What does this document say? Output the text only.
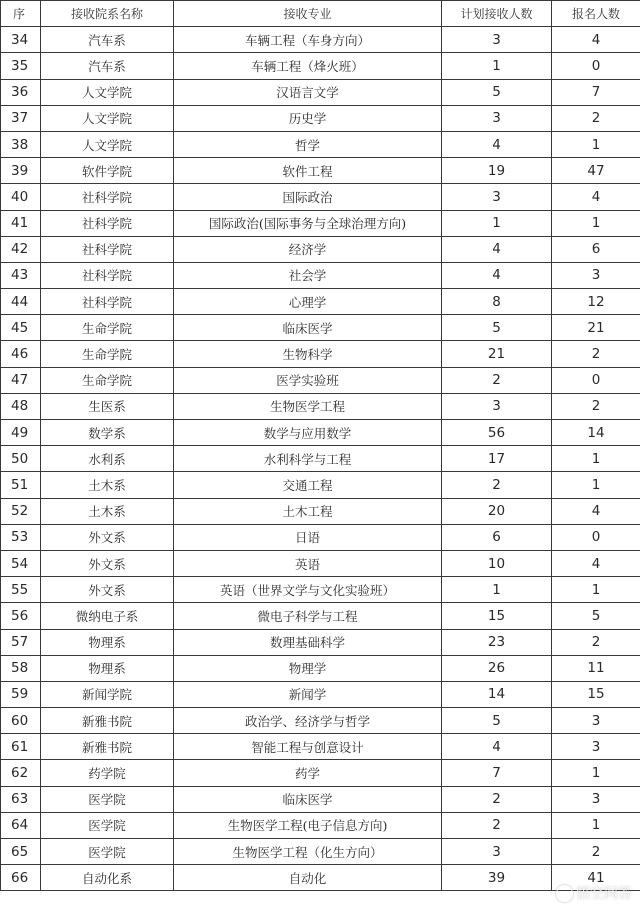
序	接收院系名称	接收专业	计划接收人数	报名人数
34	汽车系	车辆工程（车身方向）	3	4
35	汽车系	车辆工程（烽火班）	1	0
36	人文学院	汉语言文学	5	7
37	人文学院	历史学	3	2
38	人文学院	哲学	4	1
39	软件学院	软件工程	19	47
40	社科学院	国际政治	3	4
41	社科学院	国际政治(国际事务与全球治理方向)	1	1
42	社科学院	经济学	4	6
43	社科学院	社会学	4	3
44	社科学院	心理学	8	12
45	生命学院	临床医学	5	21
46	生命学院	生物科学	21	2
47	生命学院	医学实验班	2	0
48	生医系	生物医学工程	3	2
49	数学系	数学与应用数学	56	14
50	水利系	水利科学与工程	17	1
51	土木系	交通工程	2	1
52	土木系	土木工程	20	4
53	外文系	日语	6	0
54	外文系	英语	10	4
55	外文系	英语（世界文学与文化实验班）	1	1
56	微纳电子系	微电子科学与工程	15	5
57	物理系	数理基础科学	23	2
58	物理系	物理学	26	11
59	新闻学院	新闻学	14	15
60	新雅书院	政治学、经济学与哲学	5	3
61	新雅书院	智能工程与创意设计	4	3
62	药学院	药学	7	1
63	医学院	临床医学	2	3
64	医学院	生物医学工程(电子信息方向)	2	1
65	医学院	生物医学工程（化生方向）	3	2
66	自动化系	自动化	39	41
悟空问答
